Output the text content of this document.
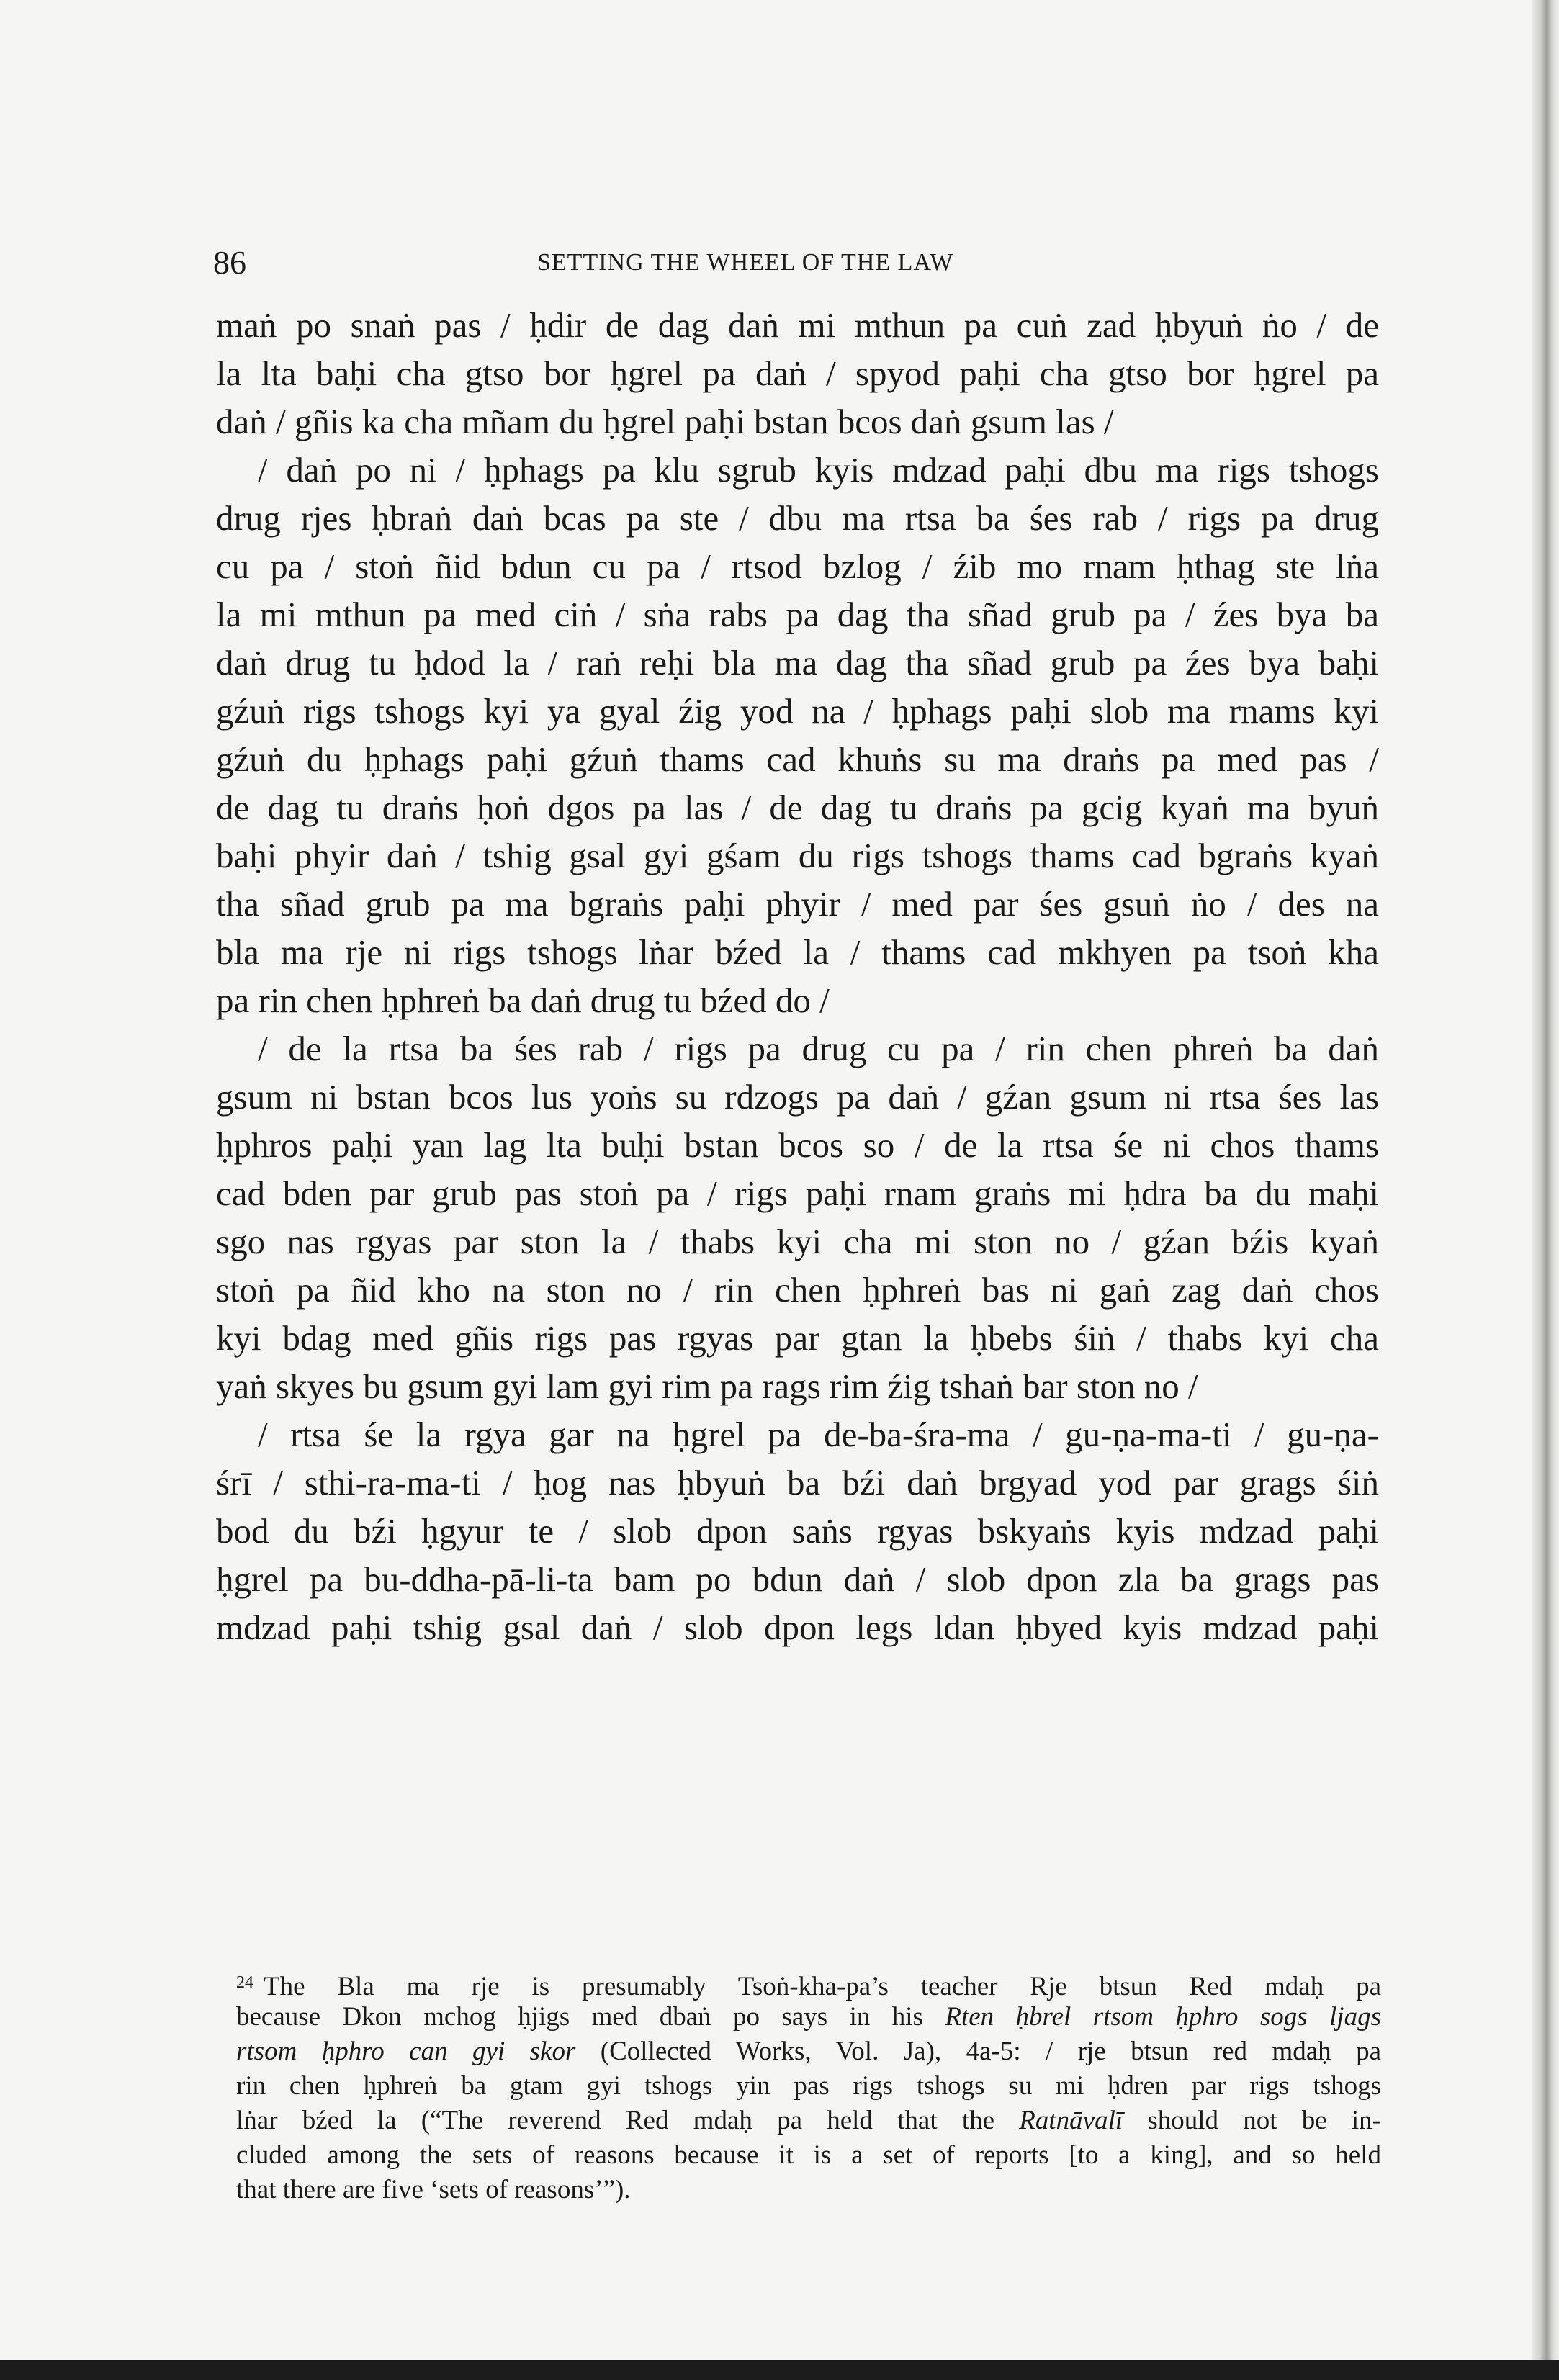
86	SETTING THE WHEEL OF THE LAW
maṅ po snaṅ pas / ḥdir de dag daṅ mi mthun pa cuṅ zad ḥbyuṅ ṅo / de
la lta baḥi cha gtso bor ḥgrel pa daṅ / spyod paḥi cha gtso bor ḥgrel pa
daṅ / gñis ka cha mñam du ḥgrel paḥi bstan bcos daṅ gsum las /
/ daṅ po ni / ḥphags pa klu sgrub kyis mdzad paḥi dbu ma rigs tshogs
drug rjes ḥbraṅ daṅ bcas pa ste / dbu ma rtsa ba śes rab / rigs pa drug
cu pa / stoṅ ñid bdun cu pa / rtsod bzlog / źib mo rnam ḥthag ste lṅa
la mi mthun pa med ciṅ / sṅa rabs pa dag tha sñad grub pa / źes bya ba
daṅ drug tu ḥdod la / raṅ reḥi bla ma dag tha sñad grub pa źes bya baḥi
gźuṅ rigs tshogs kyi ya gyal źig yod na / ḥphags paḥi slob ma rnams kyi
gźuṅ du ḥphags paḥi gźuṅ thams cad khuṅs su ma draṅs pa med pas /
de dag tu draṅs ḥoṅ dgos pa las / de dag tu draṅs pa gcig kyaṅ ma byuṅ
baḥi phyir daṅ / tshig gsal gyi gśam du rigs tshogs thams cad bgraṅs kyaṅ
tha sñad grub pa ma bgraṅs paḥi phyir / med par śes gsuṅ ṅo / des na
bla ma rje ni rigs tshogs lṅar bźed la / thams cad mkhyen pa tsoṅ kha
pa rin chen ḥphreṅ ba daṅ drug tu bźed do /
/ de la rtsa ba śes rab / rigs pa drug cu pa / rin chen phreṅ ba daṅ
gsum ni bstan bcos lus yoṅs su rdzogs pa daṅ / gźan gsum ni rtsa śes las
ḥphros paḥi yan lag lta buḥi bstan bcos so / de la rtsa śe ni chos thams
cad bden par grub pas stoṅ pa / rigs paḥi rnam graṅs mi ḥdra ba du maḥi
sgo nas rgyas par ston la / thabs kyi cha mi ston no / gźan bźis kyaṅ
stoṅ pa ñid kho na ston no / rin chen ḥphreṅ bas ni gaṅ zag daṅ chos
kyi bdag med gñis rigs pas rgyas par gtan la ḥbebs śiṅ / thabs kyi cha
yaṅ skyes bu gsum gyi lam gyi rim pa rags rim źig tshaṅ bar ston no /
/ rtsa śe la rgya gar na ḥgrel pa de-ba-śra-ma / gu-ṇa-ma-ti / gu-ṇa-
śrī / sthi-ra-ma-ti / ḥog nas ḥbyuṅ ba bźi daṅ brgyad yod par grags śiṅ
bod du bźi ḥgyur te / slob dpon saṅs rgyas bskyaṅs kyis mdzad paḥi
ḥgrel pa bu-ddha-pā-li-ta bam po bdun daṅ / slob dpon zla ba grags pas
mdzad paḥi tshig gsal daṅ / slob dpon legs ldan ḥbyed kyis mdzad paḥi
$^{24}$ The Bla ma rje is presumably Tsoṅ-kha-pa’s teacher Rje btsun Red mdaḥ pa
because Dkon mchog ḥjigs med dbaṅ po says in his Rten ḥbrel rtsom ḥphro sogs ljags
rtsom ḥphro can gyi skor (Collected Works, Vol. Ja), 4a-5: / rje btsun red mdaḥ pa
rin chen ḥphreṅ ba gtam gyi tshogs yin pas rigs tshogs su mi ḥdren par rigs tshogs
lṅar bźed la (“The reverend Red mdaḥ pa held that the Ratnāvalī should not be in-
cluded among the sets of reasons because it is a set of reports [to a king], and so held
that there are five ‘sets of reasons’”).
